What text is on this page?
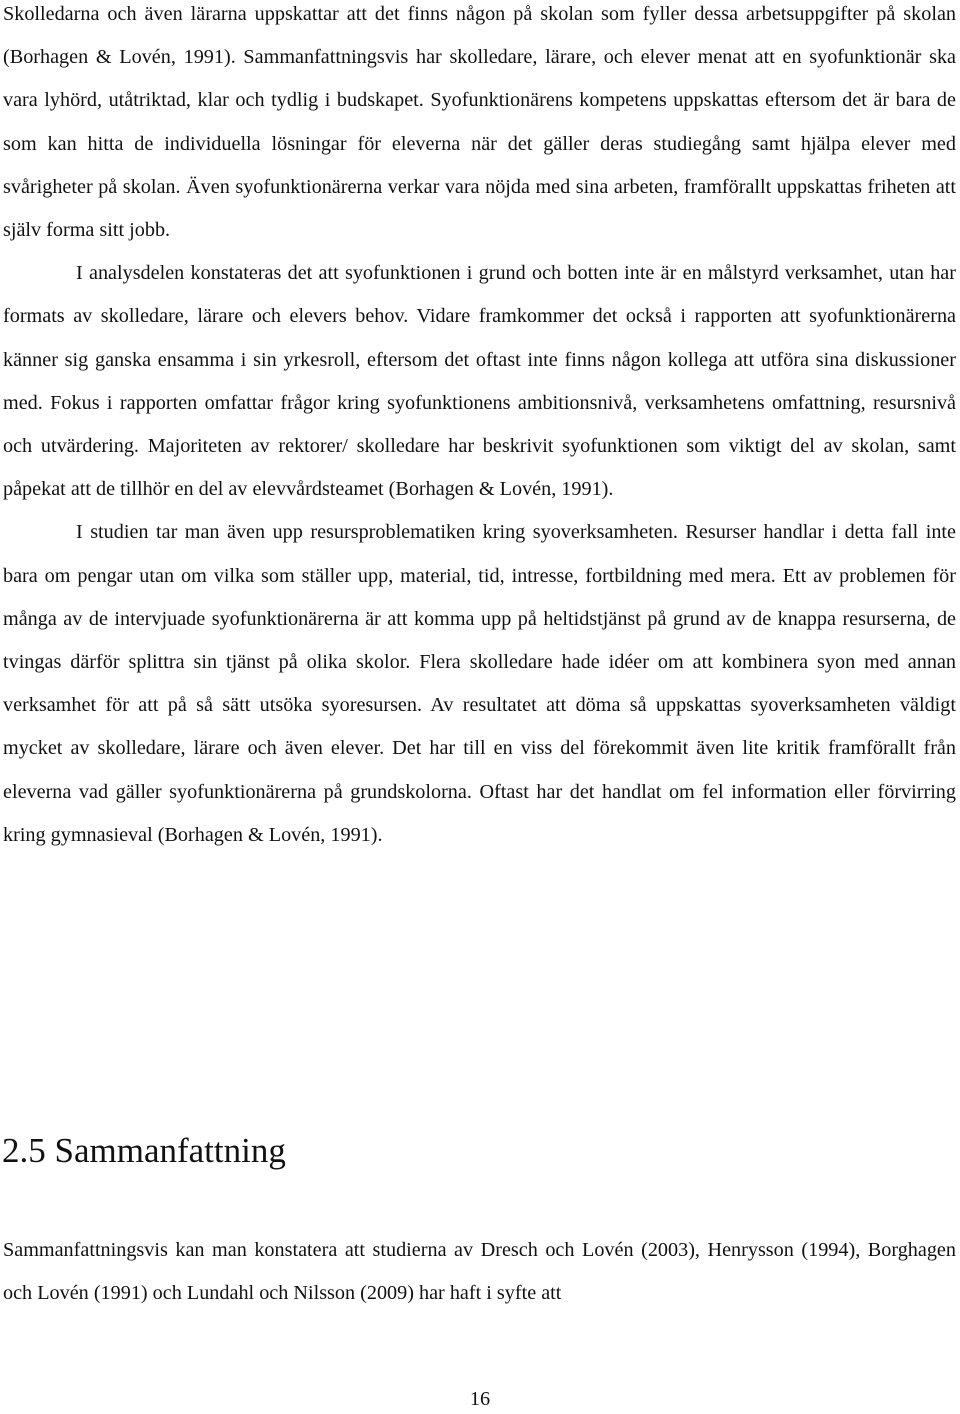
Skolledarna och även lärarna uppskattar att det finns någon på skolan som fyller dessa arbetsuppgifter på skolan (Borhagen & Lovén, 1991). Sammanfattningsvis har skolledare, lärare, och elever menat att en syofunktionär ska vara lyhörd, utåtriktad, klar och tydlig i budskapet. Syofunktionärens kompetens uppskattas eftersom det är bara de som kan hitta de individuella lösningar för eleverna när det gäller deras studiegång samt hjälpa elever med svårigheter på skolan. Även syofunktionärerna verkar vara nöjda med sina arbeten, framförallt uppskattas friheten att själv forma sitt jobb.

I analysdelen konstateras det att syofunktionen i grund och botten inte är en målstyrd verksamhet, utan har formats av skolledare, lärare och elevers behov. Vidare framkommer det också i rapporten att syofunktionärerna känner sig ganska ensamma i sin yrkesroll, eftersom det oftast inte finns någon kollega att utföra sina diskussioner med. Fokus i rapporten omfattar frågor kring syofunktionens ambitionsnivå, verksamhetens omfattning, resursnivå och utvärdering. Majoriteten av rektorer/ skolledare har beskrivit syofunktionen som viktigt del av skolan, samt påpekat att de tillhör en del av elevvårdsteamet (Borhagen & Lovén, 1991).

I studien tar man även upp resursproblematiken kring syoverksamheten. Resurser handlar i detta fall inte bara om pengar utan om vilka som ställer upp, material, tid, intresse, fortbildning med mera. Ett av problemen för många av de intervjuade syofunktionärerna är att komma upp på heltidstjänst på grund av de knappa resurserna, de tvingas därför splittra sin tjänst på olika skolor. Flera skolledare hade idéer om att kombinera syon med annan verksamhet för att på så sätt utsöka syoresursen. Av resultatet att döma så uppskattas syoverksamheten väldigt mycket av skolledare, lärare och även elever. Det har till en viss del förekommit även lite kritik framförallt från eleverna vad gäller syofunktionärerna på grundskolorna. Oftast har det handlat om fel information eller förvirring kring gymnasieval (Borhagen & Lovén, 1991).

2.5 Sammanfattning

Sammanfattningsvis kan man konstatera att studierna av Dresch och Lovén (2003), Henrysson (1994), Borghagen och Lovén (1991) och Lundahl och Nilsson (2009) har haft i syfte att

16
